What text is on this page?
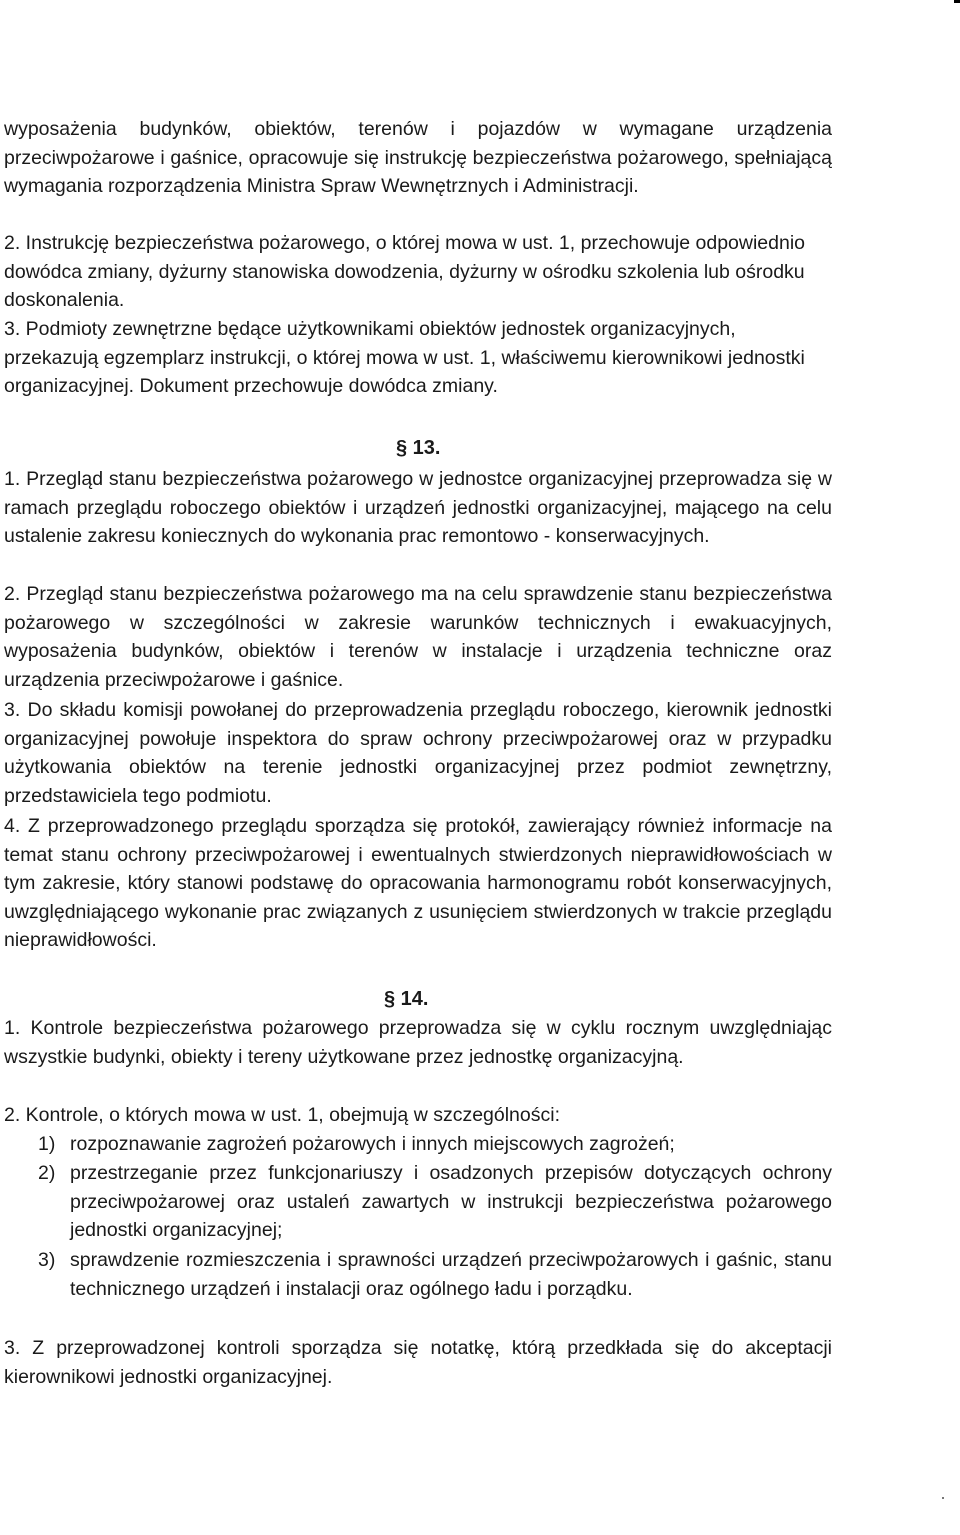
wyposażenia budynków, obiektów, terenów i pojazdów w wymagane urządzenia przeciwpożarowe i gaśnice, opracowuje się instrukcję bezpieczeństwa pożarowego, spełniającą wymagania rozporządzenia Ministra Spraw Wewnętrznych i Administracji.

2. Instrukcję bezpieczeństwa pożarowego, o której mowa w ust. 1, przechowuje odpowiednio dowódca zmiany, dyżurny stanowiska dowodzenia, dyżurny w ośrodku szkolenia lub ośrodku doskonalenia.

3. Podmioty zewnętrzne będące użytkownikami obiektów jednostek organizacyjnych, przekazują egzemplarz instrukcji, o której mowa w ust. 1, właściwemu kierownikowi jednostki organizacyjnej. Dokument przechowuje dowódca zmiany.

§ 13.

1. Przegląd stanu bezpieczeństwa pożarowego w jednostce organizacyjnej przeprowadza się w ramach przeglądu roboczego obiektów i urządzeń jednostki organizacyjnej, mającego na celu ustalenie zakresu koniecznych do wykonania prac remontowo - konserwacyjnych.

2. Przegląd stanu bezpieczeństwa pożarowego ma na celu sprawdzenie stanu bezpieczeństwa pożarowego w szczególności w zakresie warunków technicznych i ewakuacyjnych, wyposażenia budynków, obiektów i terenów w instalacje i urządzenia techniczne oraz urządzenia przeciwpożarowe i gaśnice.

3. Do składu komisji powołanej do przeprowadzenia przeglądu roboczego, kierownik jednostki organizacyjnej powołuje inspektora do spraw ochrony przeciwpożarowej oraz w przypadku użytkowania obiektów na terenie jednostki organizacyjnej przez podmiot zewnętrzny, przedstawiciela tego podmiotu.

4. Z przeprowadzonego przeglądu sporządza się protokół, zawierający również informacje na temat stanu ochrony przeciwpożarowej i ewentualnych stwierdzonych nieprawidłowościach w tym zakresie, który stanowi podstawę do opracowania harmonogramu robót konserwacyjnych, uwzględniającego wykonanie prac związanych z usunięciem stwierdzonych w trakcie przeglądu nieprawidłowości.

§ 14.

1. Kontrole bezpieczeństwa pożarowego przeprowadza się w cyklu rocznym uwzględniając wszystkie budynki, obiekty i tereny użytkowane przez jednostkę organizacyjną.

2. Kontrole, o których mowa w ust. 1, obejmują w szczególności:

1) rozpoznawanie zagrożeń pożarowych i innych miejscowych zagrożeń;

2) przestrzeganie przez funkcjonariuszy i osadzonych przepisów dotyczących ochrony przeciwpożarowej oraz ustaleń zawartych w instrukcji bezpieczeństwa pożarowego jednostki organizacyjnej;

3) sprawdzenie rozmieszczenia i sprawności urządzeń przeciwpożarowych i gaśnic, stanu technicznego urządzeń i instalacji oraz ogólnego ładu i porządku.

3. Z przeprowadzonej kontroli sporządza się notatkę, którą przedkłada się do akceptacji kierownikowi jednostki organizacyjnej.
